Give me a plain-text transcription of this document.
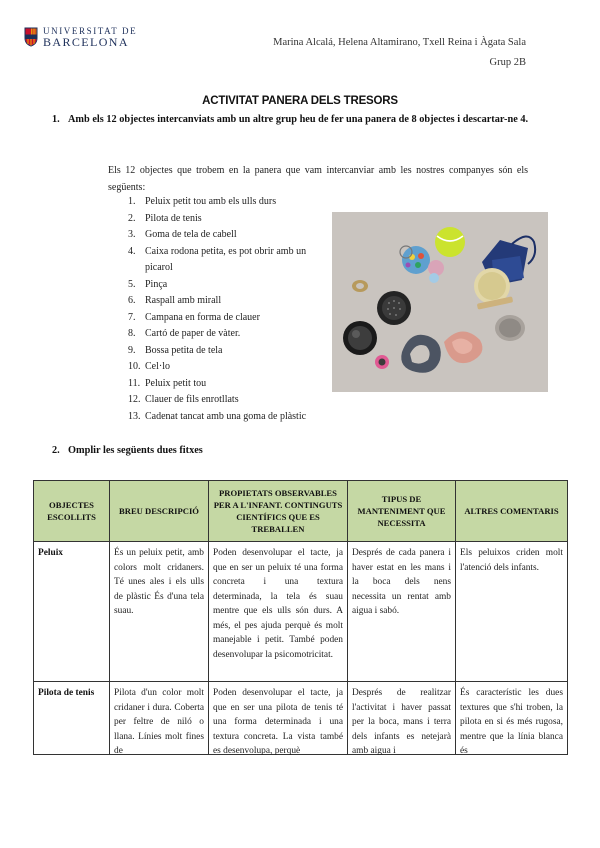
UNIVERSITAT DE
BARCELONA	Marina Alcalá, Helena Altamirano, Txell Reina i Àgata Sala
Grup 2B
ACTIVITAT PANERA DELS TRESORS
1. Amb els 12 objectes intercanviats amb un altre grup heu de fer una panera de 8 objectes i descartar-ne 4.
Els 12 objectes que trobem en la panera que vam intercanviar amb les nostres companyes són els següents:
1. Peluix petit tou amb els ulls durs
2. Pilota de tenis
3. Goma de tela de cabell
4. Caixa rodona petita, es pot obrir amb un picarol
5. Pinça
6. Raspall amb mirall
7. Campana en forma de clauer
8. Cartó de paper de vàter.
9. Bossa petita de tela
10. Cel·lo
11. Peluix petit tou
12. Clauer de fils enrotllats
13. Cadenat tancat amb una goma de plàstic
2. Omplir les següents dues fitxes
OBJECTES ESCOLLITS	BREU DESCRIPCIÓ	PROPIETATS OBSERVABLES PER A L'INFANT. CONTINGUTS CIENTÍFICS QUE ES TREBALLEN	TIPUS DE MANTENIMENT QUE NECESSITA	ALTRES COMENTARIS
Peluix	És un peluix petit, amb colors molt cridaners. Té unes ales i els ulls de plàstic És d'una tela suau.	Poden desenvolupar el tacte, ja que en ser un peluix té una forma concreta i una textura determinada, la tela és suau mentre que els ulls són durs. A més, el pes ajuda perquè és molt manejable i petit. També poden desenvolupar la psicomotricitat.	Després de cada panera i haver estat en les mans i la boca dels nens necessita un rentat amb aigua i sabó.	Els peluixos criden molt l'atenció dels infants.

Pilota de tenis	Pilota d'un color molt cridaner i dura. Coberta per feltre de niló o llana. Línies molt fines de	Poden desenvolupar el tacte, ja que en ser una pilota de tenis té una forma determinada i una textura concreta. La vista també es desenvolupa, perquè	Després de realitzar l'activitat i haver passat per la boca, mans i terra dels infants es netejarà amb aigua i	És característic les dues textures que s'hi troben, la pilota en si és més rugosa, mentre que la línia blanca és
